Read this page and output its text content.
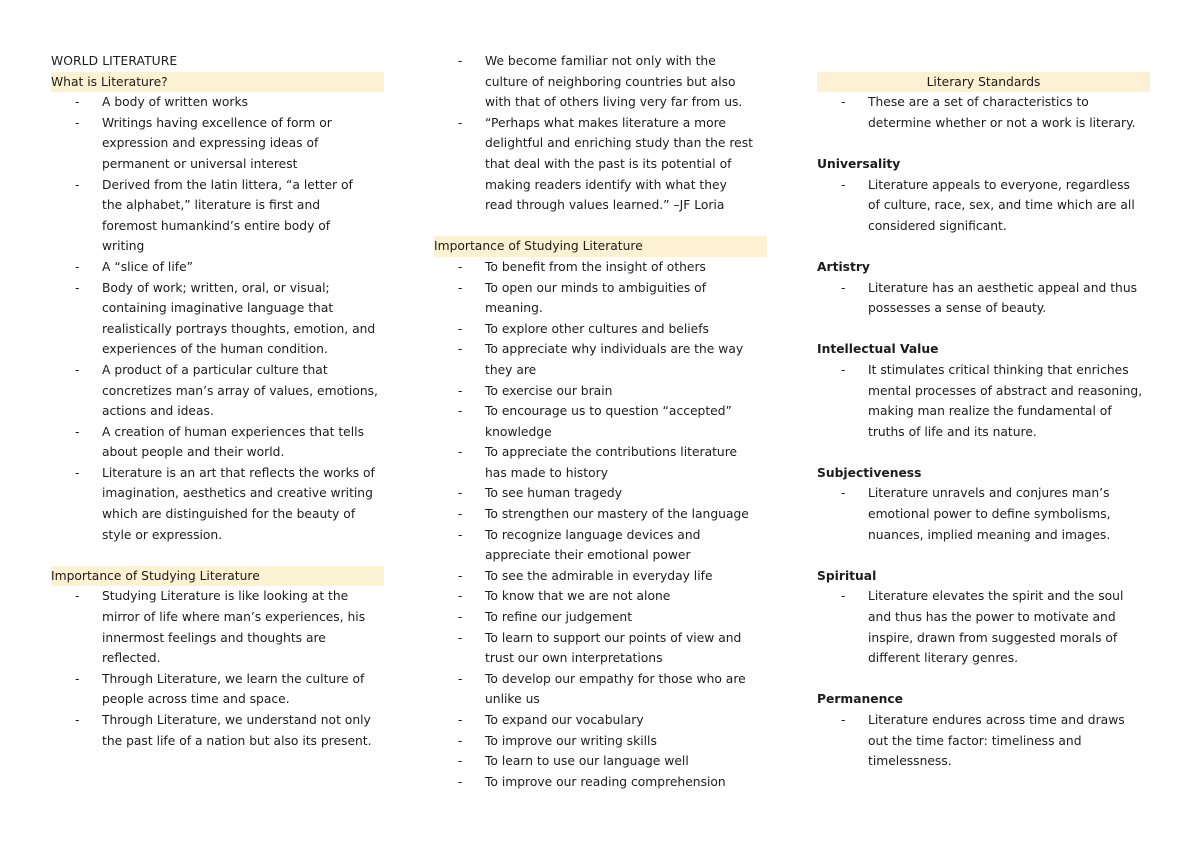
WORLD LITERATURE
What is Literature?
- A body of written works
- Writings having excellence of form or
expression and expressing ideas of
permanent or universal interest
- Derived from the latin littera, “a letter of
the alphabet,” literature is first and
foremost humankind’s entire body of
writing
- A “slice of life”
- Body of work; written, oral, or visual;
containing imaginative language that
realistically portrays thoughts, emotion, and
experiences of the human condition.
- A product of a particular culture that
concretizes man’s array of values, emotions,
actions and ideas.
- A creation of human experiences that tells
about people and their world.
- Literature is an art that reflects the works of
imagination, aesthetics and creative writing
which are distinguished for the beauty of
style or expression.
Importance of Studying Literature
- Studying Literature is like looking at the
mirror of life where man’s experiences, his
innermost feelings and thoughts are
reflected.
- Through Literature, we learn the culture of
people across time and space.
- Through Literature, we understand not only
the past life of a nation but also its present.
- We become familiar not only with the
culture of neighboring countries but also
with that of others living very far from us.
- “Perhaps what makes literature a more
delightful and enriching study than the rest
that deal with the past is its potential of
making readers identify with what they
read through values learned.” –JF Loria
Importance of Studying Literature
- To benefit from the insight of others
- To open our minds to ambiguities of
meaning.
- To explore other cultures and beliefs
- To appreciate why individuals are the way
they are
- To exercise our brain
- To encourage us to question “accepted”
knowledge
- To appreciate the contributions literature
has made to history
- To see human tragedy
- To strengthen our mastery of the language
- To recognize language devices and
appreciate their emotional power
- To see the admirable in everyday life
- To know that we are not alone
- To refine our judgement
- To learn to support our points of view and
trust our own interpretations
- To develop our empathy for those who are
unlike us
- To expand our vocabulary
- To improve our writing skills
- To learn to use our language well
- To improve our reading comprehension
Literary Standards
- These are a set of characteristics to
determine whether or not a work is literary.
Universality
- Literature appeals to everyone, regardless
of culture, race, sex, and time which are all
considered significant.
Artistry
- Literature has an aesthetic appeal and thus
possesses a sense of beauty.
Intellectual Value
- It stimulates critical thinking that enriches
mental processes of abstract and reasoning,
making man realize the fundamental of
truths of life and its nature.
Subjectiveness
- Literature unravels and conjures man’s
emotional power to define symbolisms,
nuances, implied meaning and images.
Spiritual
- Literature elevates the spirit and the soul
and thus has the power to motivate and
inspire, drawn from suggested morals of
different literary genres.
Permanence
- Literature endures across time and draws
out the time factor: timeliness and
timelessness.
